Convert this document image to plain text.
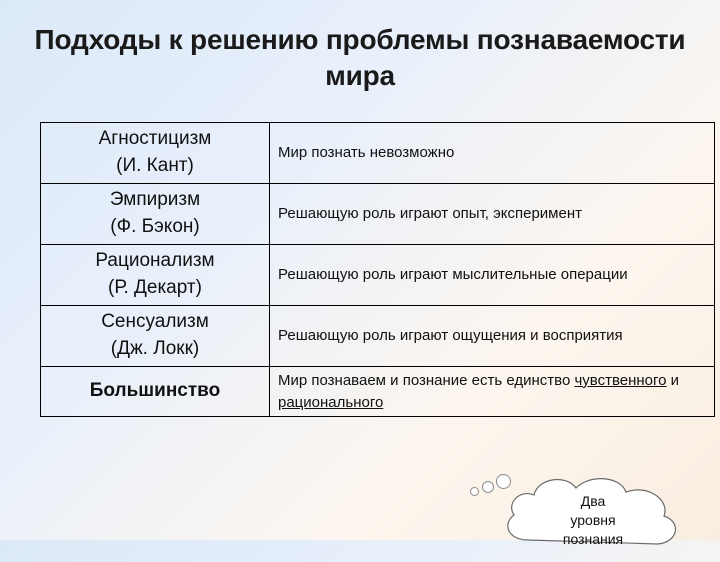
Подходы к решению проблемы познаваемости мира
Агностицизм
(И. Кант)	Мир познать невозможно

Эмпиризм
(Ф. Бэкон)	Решающую роль играют опыт, эксперимент

Рационализм
(Р. Декарт)	Решающую роль играют мыслительные операции

Сенсуализм
(Дж. Локк)	Решающую роль играют ощущения и восприятия

Большинство	Мир познаваем и познание есть единство чувственного и рационального
Два
уровня
познания
